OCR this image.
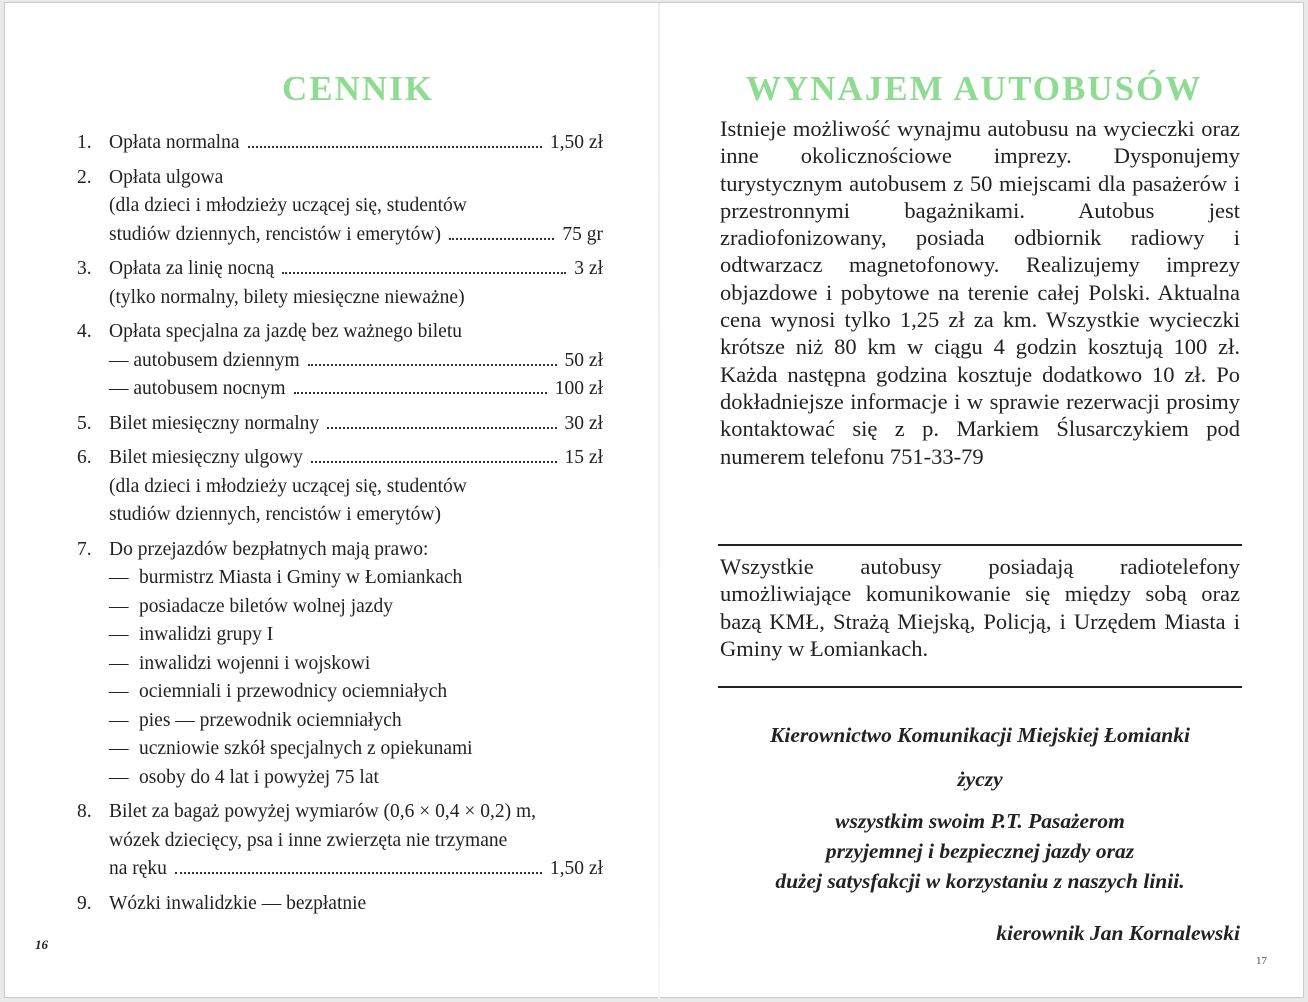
CENNIK
1. Opłata normalna	1,50 zł
2. Opłata ulgowa
(dla dzieci i młodzieży uczącej się, studentów
studiów dziennych, rencistów i emerytów)	75 gr
3. Opłata za linię nocną	3 zł
(tylko normalny, bilety miesięczne nieważne)
4. Opłata specjalna za jazdę bez ważnego biletu
— autobusem dziennym	50 zł
— autobusem nocnym	100 zł
5. Bilet miesięczny normalny	30 zł
6. Bilet miesięczny ulgowy	15 zł
(dla dzieci i młodzieży uczącej się, studentów
studiów dziennych, rencistów i emerytów)
7. Do przejazdów bezpłatnych mają prawo:
— burmistrz Miasta i Gminy w Łomiankach
— posiadacze biletów wolnej jazdy
— inwalidzi grupy I
— inwalidzi wojenni i wojskowi
— ociemniali i przewodnicy ociemniałych
— pies — przewodnik ociemniałych
— uczniowie szkół specjalnych z opiekunami
— osoby do 4 lat i powyżej 75 lat
8. Bilet za bagaż powyżej wymiarów (0,6 × 0,4 × 0,2) m,
wózek dziecięcy, psa i inne zwierzęta nie trzymane
na ręku	1,50 zł
9. Wózki inwalidzkie — bezpłatnie
16
WYNAJEM AUTOBUSÓW

Istnieje możliwość wynajmu autobusu na wycieczki oraz inne okolicznościowe imprezy. Dysponujemy turystycznym autobusem z 50 miejscami dla pasażerów i przestronnymi bagażnikami. Autobus jest zradiofonizowany, posiada odbiornik radiowy i odtwarzacz magnetofonowy. Realizujemy imprezy objazdowe i pobytowe na terenie całej Polski. Aktualna cena wynosi tylko 1,25 zł za km. Wszystkie wycieczki krótsze niż 80 km w ciągu 4 godzin kosztują 100 zł. Każda następna godzina kosztuje dodatkowo 10 zł. Po dokładniejsze informacje i w sprawie rezerwacji prosimy kontaktować się z p. Markiem Ślusarczykiem pod numerem telefonu 751-33-79

Wszystkie autobusy posiadają radiotelefony umożliwiające komunikowanie się między sobą oraz bazą KMŁ, Strażą Miejską, Policją, i Urzędem Miasta i Gminy w Łomiankach.

Kierownictwo Komunikacji Miejskiej Łomianki
życzy
wszystkim swoim P.T. Pasażerom
przyjemnej i bezpiecznej jazdy oraz
dużej satysfakcji w korzystaniu z naszych linii.
kierownik Jan Kornalewski
17
